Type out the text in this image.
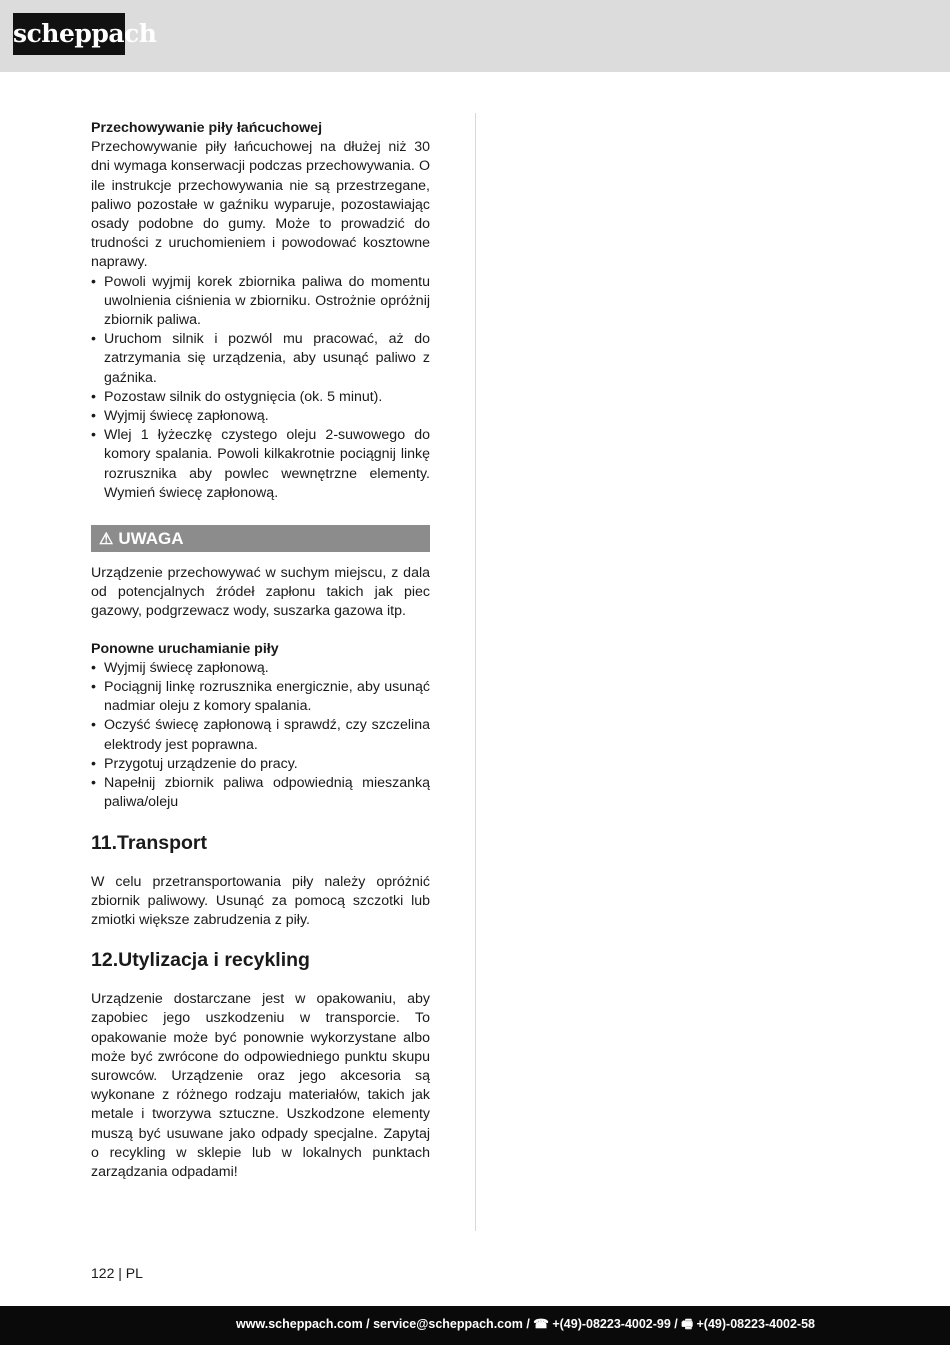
scheppach

Przechowywanie piły łańcuchowej

Przechowywanie piły łańcuchowej na dłużej niż 30 dni wymaga konserwacji podczas przechowywania. O ile instrukcje przechowywania nie są przestrzegane, paliwo pozostałe w gaźniku wyparuje, pozostawiając osady podobne do gumy. Może to prowadzić do trudności z uruchomieniem i powodować kosztowne naprawy.

• Powoli wyjmij korek zbiornika paliwa do momentu uwolnienia ciśnienia w zbiorniku. Ostrożnie opróżnij zbiornik paliwa.
• Uruchom silnik i pozwól mu pracować, aż do zatrzymania się urządzenia, aby usunąć paliwo z gaźnika.
• Pozostaw silnik do ostygnięcia (ok. 5 minut).
• Wyjmij świecę zapłonową.
• Wlej 1 łyżeczkę czystego oleju 2-suwowego do komory spalania. Powoli kilkakrotnie pociągnij linkę rozrusznika aby powlec wewnętrzne elementy. Wymień świecę zapłonową.
⚠ UWAGA

Urządzenie przechowywać w suchym miejscu, z dala od potencjalnych źródeł zapłonu takich jak piec gazowy, podgrzewacz wody, suszarka gazowa itp.

Ponowne uruchamianie piły

• Wyjmij świecę zapłonową.
• Pociągnij linkę rozrusznika energicznie, aby usunąć nadmiar oleju z komory spalania.
• Oczyść świecę zapłonową i sprawdź, czy szczelina elektrody jest poprawna.
• Przygotuj urządzenie do pracy.
• Napełnij zbiornik paliwa odpowiednią mieszanką paliwa/oleju
11.Transport

W celu przetransportowania piły należy opróżnić zbiornik paliwowy. Usunąć za pomocą szczotki lub zmiotki większe zabrudzenia z piły.

12.Utylizacja i recykling

Urządzenie dostarczane jest w opakowaniu, aby zapobiec jego uszkodzeniu w transporcie. To opakowanie może być ponownie wykorzystane albo może być zwrócone do odpowiedniego punktu skupu surowców. Urządzenie oraz jego akcesoria są wykonane z różnego rodzaju materiałów, takich jak metale i tworzywa sztuczne. Uszkodzone elementy muszą być usuwane jako odpady specjalne. Zapytaj o recykling w sklepie lub w lokalnych punktach zarządzania odpadami!

122 | PL
www.scheppach.com / service@scheppach.com / ☎ +(49)-08223-4002-99 / 🖷 +(49)-08223-4002-58
